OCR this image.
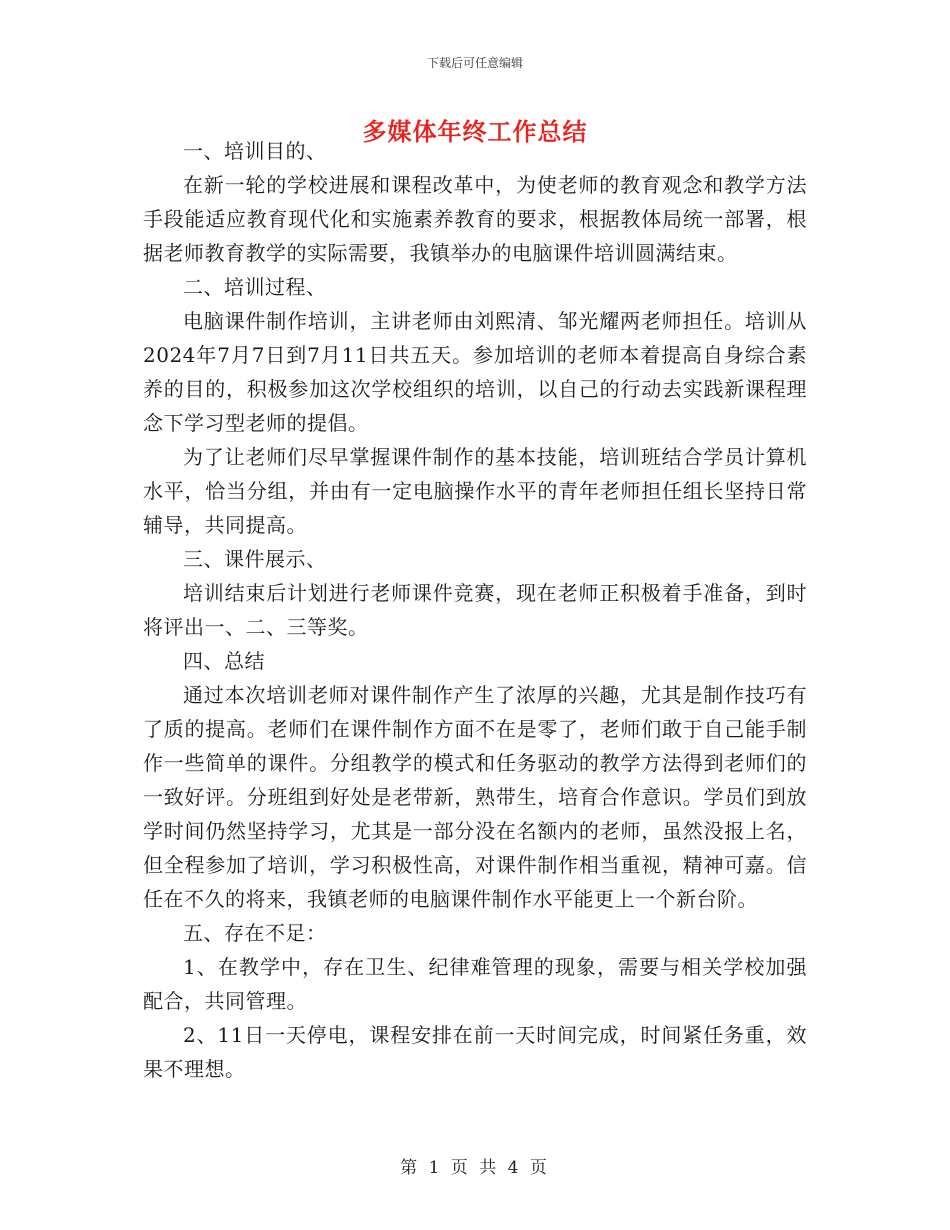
下载后可任意编辑
多媒体年终工作总结

一、培训目的、

在新一轮的学校进展和课程改革中，为使老师的教育观念和教学方法手段能适应教育现代化和实施素养教育的要求，根据教体局统一部署，根据老师教育教学的实际需要，我镇举办的电脑课件培训圆满结束。

二、培训过程、

电脑课件制作培训，主讲老师由刘熙清、邹光耀两老师担任。培训从2024年7月7日到7月11日共五天。参加培训的老师本着提高自身综合素养的目的，积极参加这次学校组织的培训，以自己的行动去实践新课程理念下学习型老师的提倡。

为了让老师们尽早掌握课件制作的基本技能，培训班结合学员计算机水平，恰当分组，并由有一定电脑操作水平的青年老师担任组长坚持日常辅导，共同提高。

三、课件展示、

培训结束后计划进行老师课件竞赛，现在老师正积极着手准备，到时将评出一、二、三等奖。

四、总结

通过本次培训老师对课件制作产生了浓厚的兴趣，尤其是制作技巧有了质的提高。老师们在课件制作方面不在是零了，老师们敢于自己能手制作一些简单的课件。分组教学的模式和任务驱动的教学方法得到老师们的一致好评。分班组到好处是老带新，熟带生，培育合作意识。学员们到放学时间仍然坚持学习，尤其是一部分没在名额内的老师，虽然没报上名，但全程参加了培训，学习积极性高，对课件制作相当重视，精神可嘉。信任在不久的将来，我镇老师的电脑课件制作水平能更上一个新台阶。

五、存在不足：

1、在教学中，存在卫生、纪律难管理的现象，需要与相关学校加强配合，共同管理。

2、11日一天停电，课程安排在前一天时间完成，时间紧任务重，效果不理想。

第 1 页 共 4 页
